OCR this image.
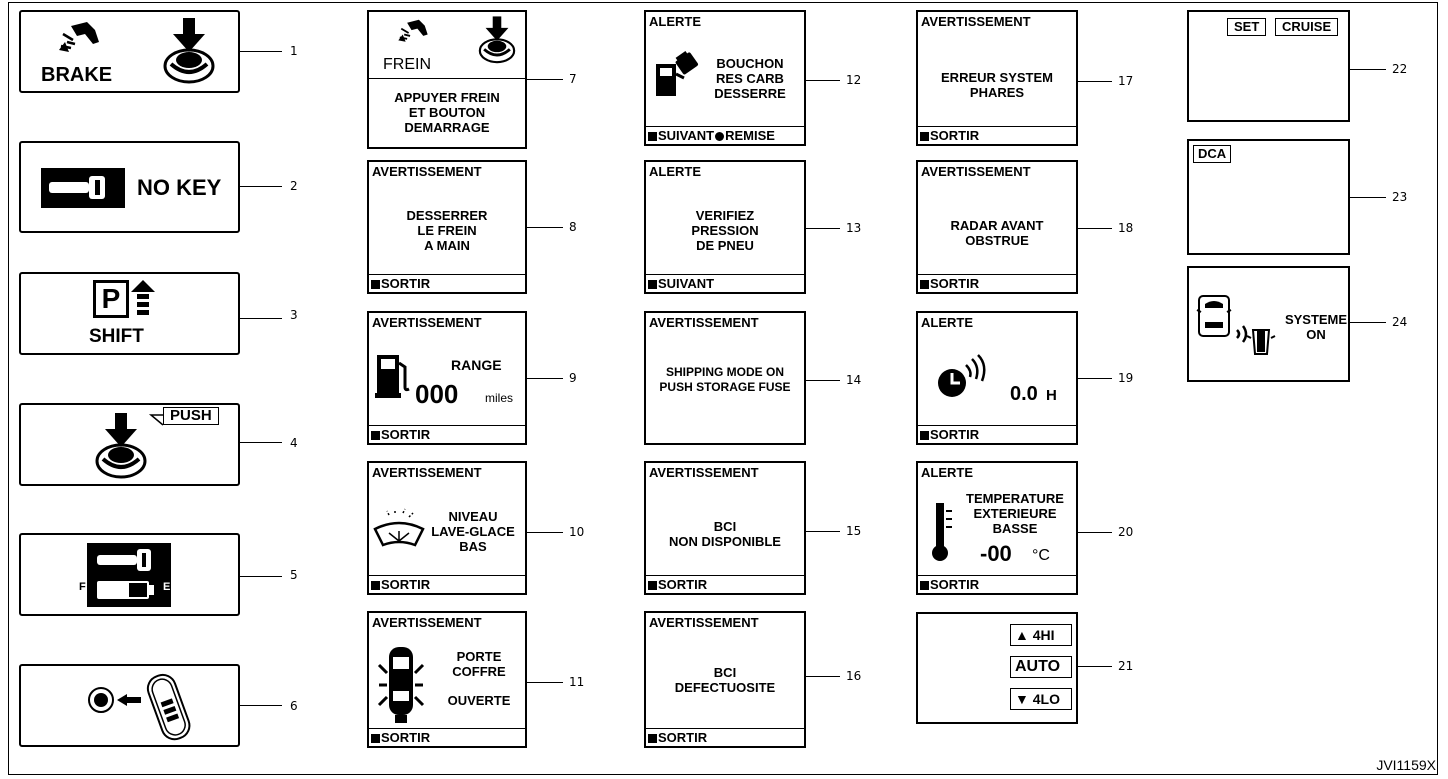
BRAKE
1
NO KEY	2
P
SHIFT
3
PUSH
4
F	E
5
6
FREIN
APPUYER FREIN
ET BOUTON
DEMARRAGE
7
AVERTISSEMENT
DESSERRER
LE FREIN
A MAIN
SORTIR
8
AVERTISSEMENT
RANGE
000 miles
SORTIR
9
AVERTISSEMENT
NIVEAU
LAVE-GLACE
BAS
SORTIR
10
AVERTISSEMENT
PORTE
COFFRE
OUVERTE
SORTIR
11
ALERTE
BOUCHON
RES CARB
DESSERRE
SUIVANT REMISE
12
ALERTE
VERIFIEZ
PRESSION
DE PNEU
SUIVANT
13
AVERTISSEMENT
SHIPPING MODE ON
PUSH STORAGE FUSE	14
AVERTISSEMENT
BCI
NON DISPONIBLE
SORTIR
15
AVERTISSEMENT
BCI
DEFECTUOSITE
SORTIR
16
AVERTISSEMENT
ERREUR SYSTEM
PHARES
SORTIR
17
AVERTISSEMENT
RADAR AVANT
OBSTRUE
SORTIR
18
ALERTE
0.0 H
SORTIR
19
ALERTE
TEMPERATURE
EXTERIEURE
BASSE
-00 °C
SORTIR
20
▲ 4HI
AUTO
▼ 4LO
21
SET	CRUISE
22
DCA
23
SYSTEME
ON
24
JVI1159X
